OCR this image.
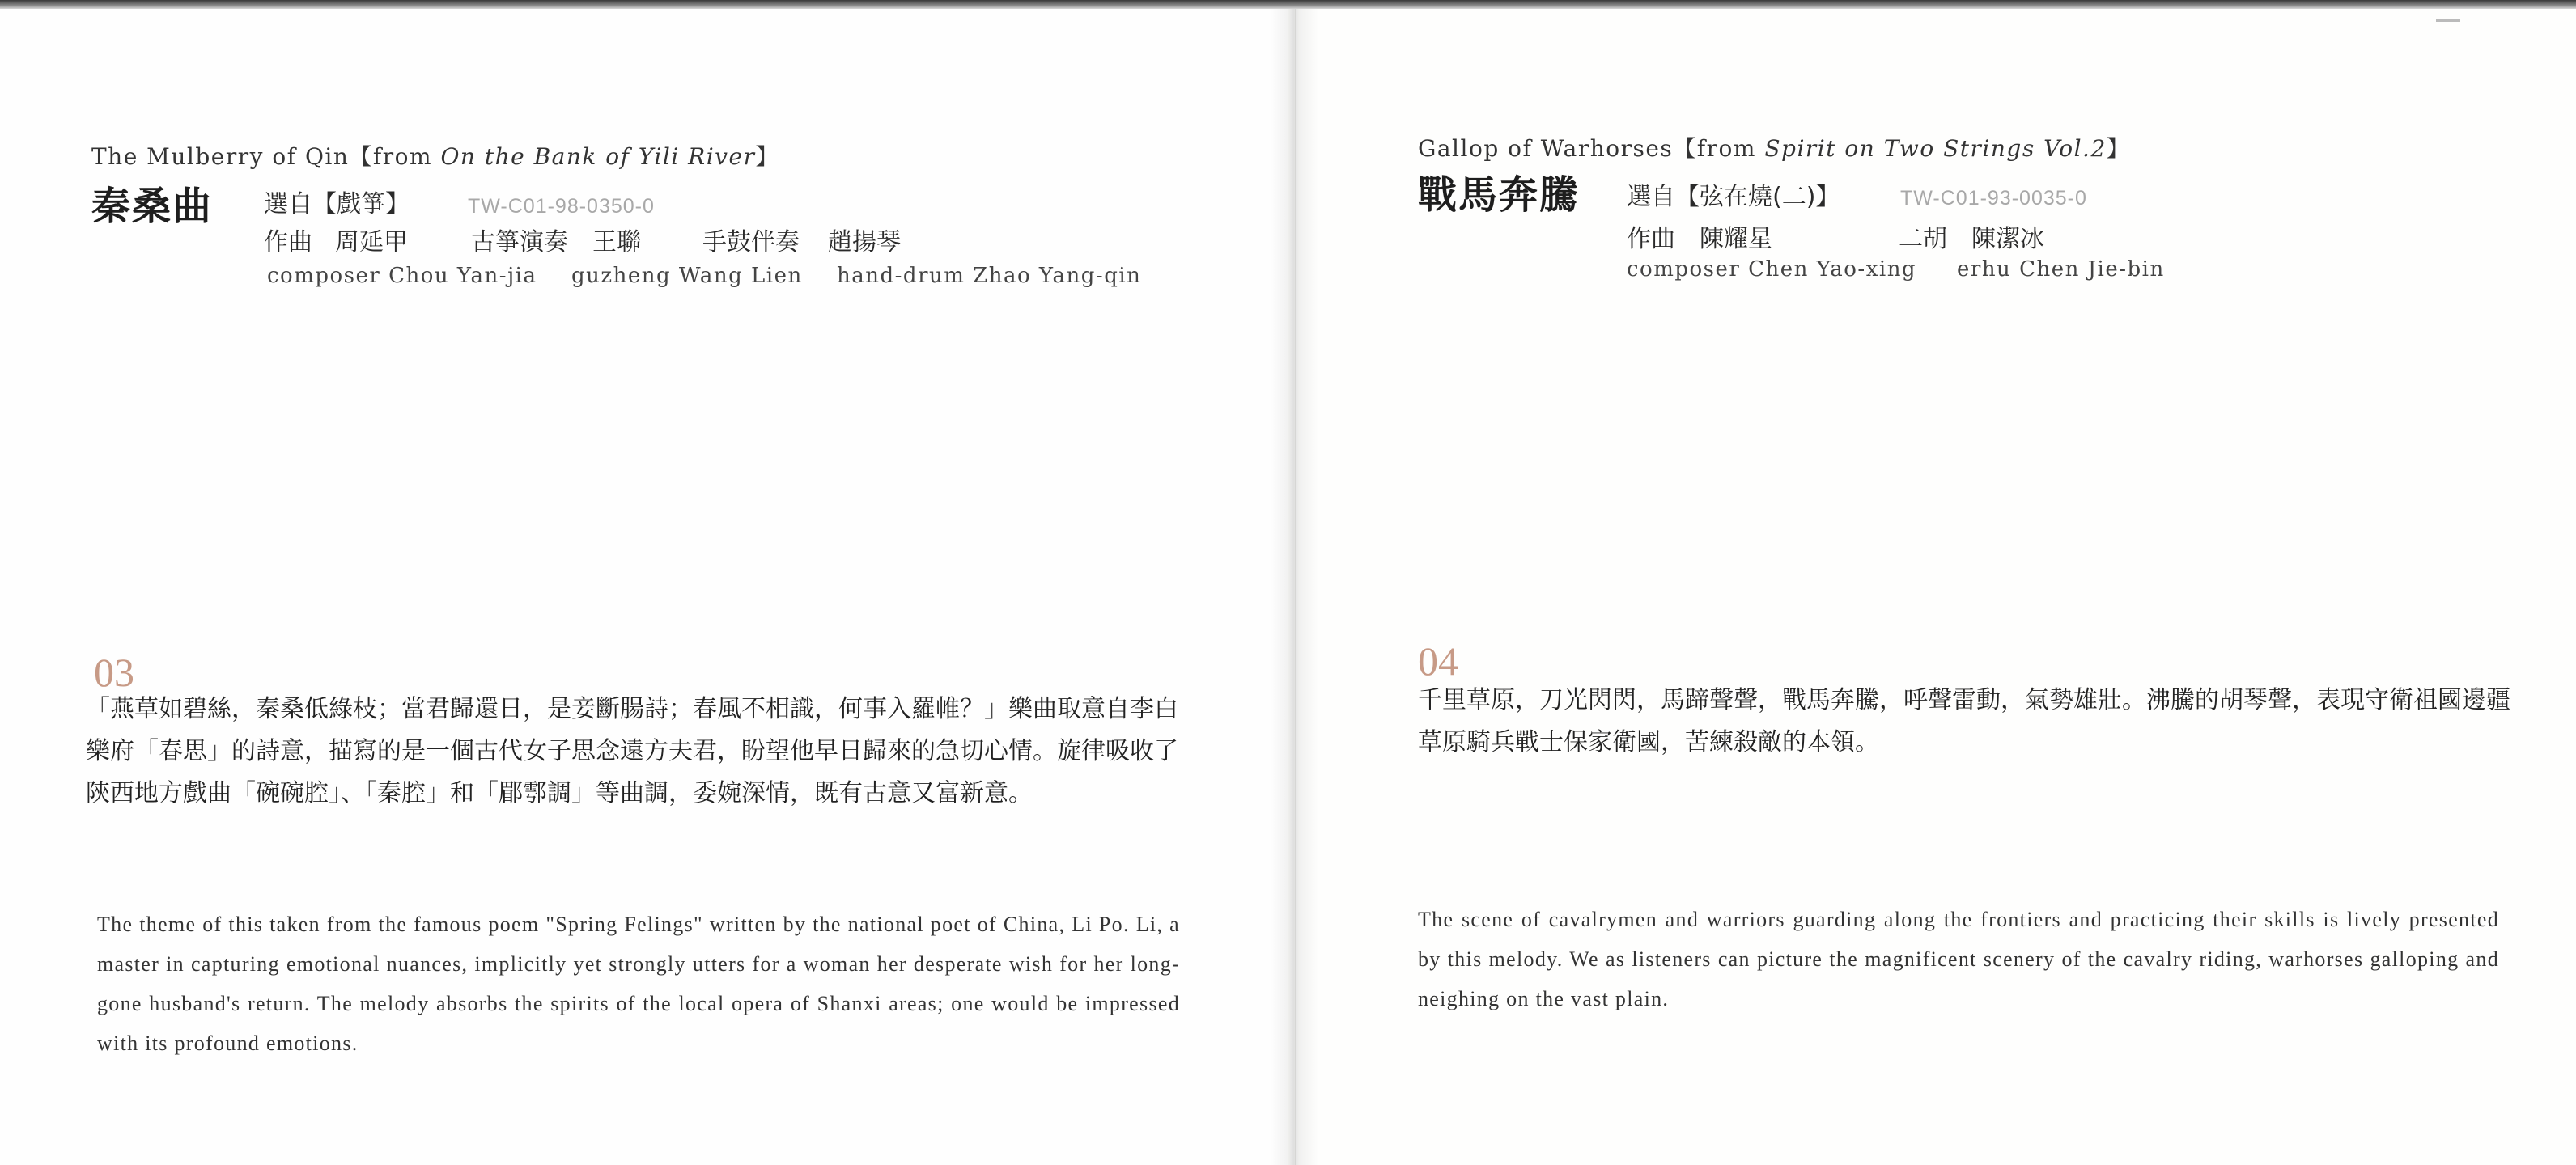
The Mulberry of Qin【from On the Bank of Yili River】
秦桑曲 選自【戲箏】	TW-C01-98-0350-0
作曲 周延甲	古箏演奏 王聯	手鼓伴奏 趙揚琴
composer Chou Yan-jia guzheng Wang Lien hand-drum Zhao Yang-qin
03
「燕草如碧絲，秦桑低綠枝；當君歸還日，是妾斷腸詩；春風不相識，何事入羅帷？」樂曲取意自李白樂府「春思」的詩意，描寫的是一個古代女子思念遠方夫君，盼望他早日歸來的急切心情。旋律吸收了陝西地方戲曲「碗碗腔」、「秦腔」和「郿鄠調」等曲調，委婉深情，既有古意又富新意。
The theme of this taken from the famous poem "Spring Felings" written by the national poet of China, Li Po. Li, a master in capturing emotional nuances, implicitly yet strongly utters for a woman her desperate wish for her long-gone husband's return. The melody absorbs the spirits of the local opera of Shanxi areas; one would be impressed with its profound emotions.
Gallop of Warhorses【from Spirit on Two Strings Vol.2】
戰馬奔騰 選自【弦在燒(二)】	TW-C01-93-0035-0
作曲 陳耀星	二胡 陳潔冰
composer Chen Yao-xing erhu Chen Jie-bin
04
千里草原，刀光閃閃，馬蹄聲聲，戰馬奔騰，呼聲雷動，氣勢雄壯。沸騰的胡琴聲，表現守衛祖國邊疆草原騎兵戰士保家衛國，苦練殺敵的本領。
The scene of cavalrymen and warriors guarding along the frontiers and practicing their skills is lively presented by this melody. We as listeners can picture the magnificent scenery of the cavalry riding, warhorses galloping and neighing on the vast plain.
